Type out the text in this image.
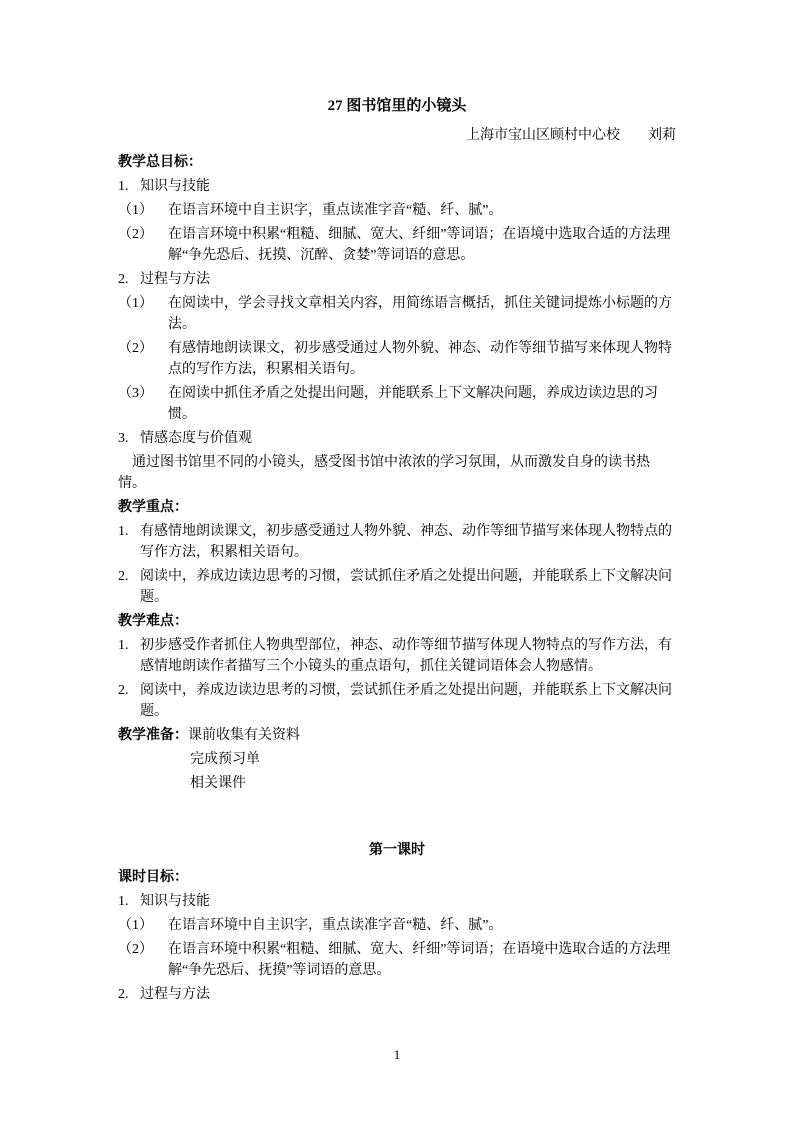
27 图书馆里的小镜头
上海市宝山区顾村中心校　　刘莉
教学总目标：
1. 知识与技能
（1）	在语言环境中自主识字，重点读准字音“糙、纤、腻”。
（2）	在语言环境中积累“粗糙、细腻、宽大、纤细”等词语；在语境中选取合适的方法理解“争先恐后、抚摸、沉醉、贪婪”等词语的意思。
2. 过程与方法
（1）	在阅读中，学会寻找文章相关内容，用简练语言概括，抓住关键词提炼小标题的方法。
（2）	有感情地朗读课文，初步感受通过人物外貌、神态、动作等细节描写来体现人物特点的写作方法，积累相关语句。
（3）	在阅读中抓住矛盾之处提出问题，并能联系上下文解决问题，养成边读边思的习惯。
3. 情感态度与价值观
通过图书馆里不同的小镜头，感受图书馆中浓浓的学习氛围，从而激发自身的读书热情。
教学重点：
1. 有感情地朗读课文，初步感受通过人物外貌、神态、动作等细节描写来体现人物特点的写作方法，积累相关语句。
2. 阅读中，养成边读边思考的习惯，尝试抓住矛盾之处提出问题，并能联系上下文解决问题。
教学难点：
1. 初步感受作者抓住人物典型部位，神态、动作等细节描写体现人物特点的写作方法，有感情地朗读作者描写三个小镜头的重点语句，抓住关键词语体会人物感情。
2. 阅读中，养成边读边思考的习惯，尝试抓住矛盾之处提出问题，并能联系上下文解决问题。
教学准备：课前收集有关资料
完成预习单
相关课件
第一课时
课时目标：
1. 知识与技能
（1）	在语言环境中自主识字，重点读准字音“糙、纤、腻”。
（2）	在语言环境中积累“粗糙、细腻、宽大、纤细”等词语；在语境中选取合适的方法理解“争先恐后、抚摸”等词语的意思。
2. 过程与方法
1
